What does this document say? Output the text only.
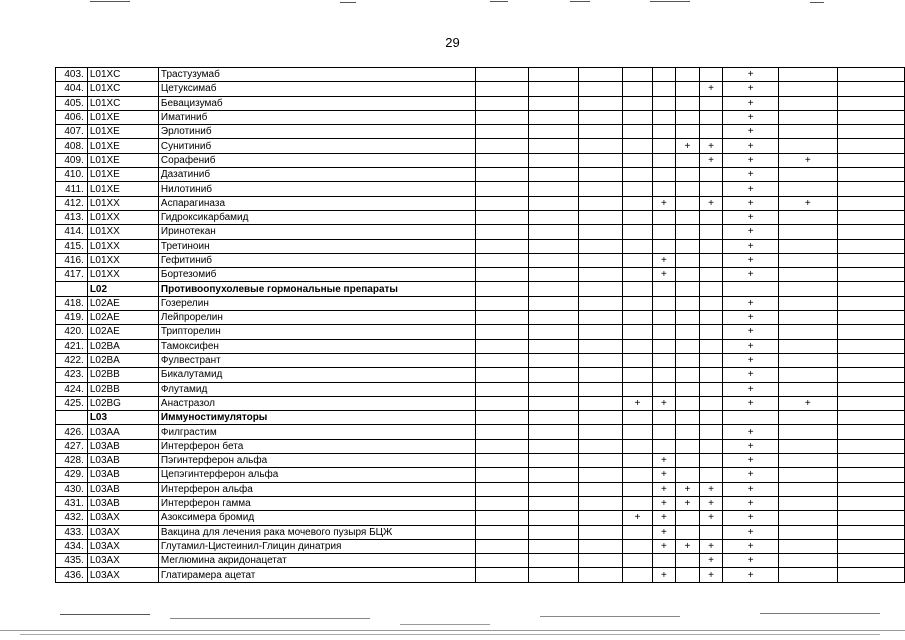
29
403.	L01XC	Трастузумаб								+		
404.	L01XC	Цетуксимаб							+	+		
405.	L01XC	Бевацизумаб								+		
406.	L01XE	Иматиниб								+		
407.	L01XE	Эрлотиниб								+		
408.	L01XE	Сунитиниб						+	+	+		
409.	L01XE	Сорафениб							+	+	+	
410.	L01XE	Дазатиниб								+		
411.	L01XE	Нилотиниб								+		
412.	L01XX	Аспарагиназа					+		+	+	+	
413.	L01XX	Гидроксикарбамид								+		
414.	L01XX	Иринотекан								+		
415.	L01XX	Третиноин								+		
416.	L01XX	Гефитиниб					+			+		
417.	L01XX	Бортезомиб					+			+		
	L02	Противоопухолевые гормональные препараты										
418.	L02AE	Гозерелин								+		
419.	L02AE	Лейпрорелин								+		
420.	L02AE	Трипторелин								+		
421.	L02BA	Тамоксифен								+		
422.	L02BA	Фулвестрант								+		
423.	L02BB	Бикалутамид								+		
424.	L02BB	Флутамид								+		
425.	L02BG	Анастразол				+	+			+	+	
	L03	Иммуностимуляторы										
426.	L03AA	Филграстим								+		
427.	L03AB	Интерферон бета								+		
428.	L03AB	Пэгинтерферон альфа					+			+		
429.	L03AB	Цепэгинтерферон альфа					+			+		
430.	L03AB	Интерферон альфа					+	+	+	+		
431.	L03AB	Интерферон гамма					+	+	+	+		
432.	L03AX	Азоксимера бромид				+	+		+	+		
433.	L03AX	Вакцина для лечения рака мочевого пузыря БЦЖ					+			+		
434.	L03AX	Глутамил-Цистеинил-Глицин динатрия					+	+	+	+		
435.	L03AX	Меглюмина акридонацетат							+	+		
436.	L03AX	Глатирамера ацетат					+		+	+		
